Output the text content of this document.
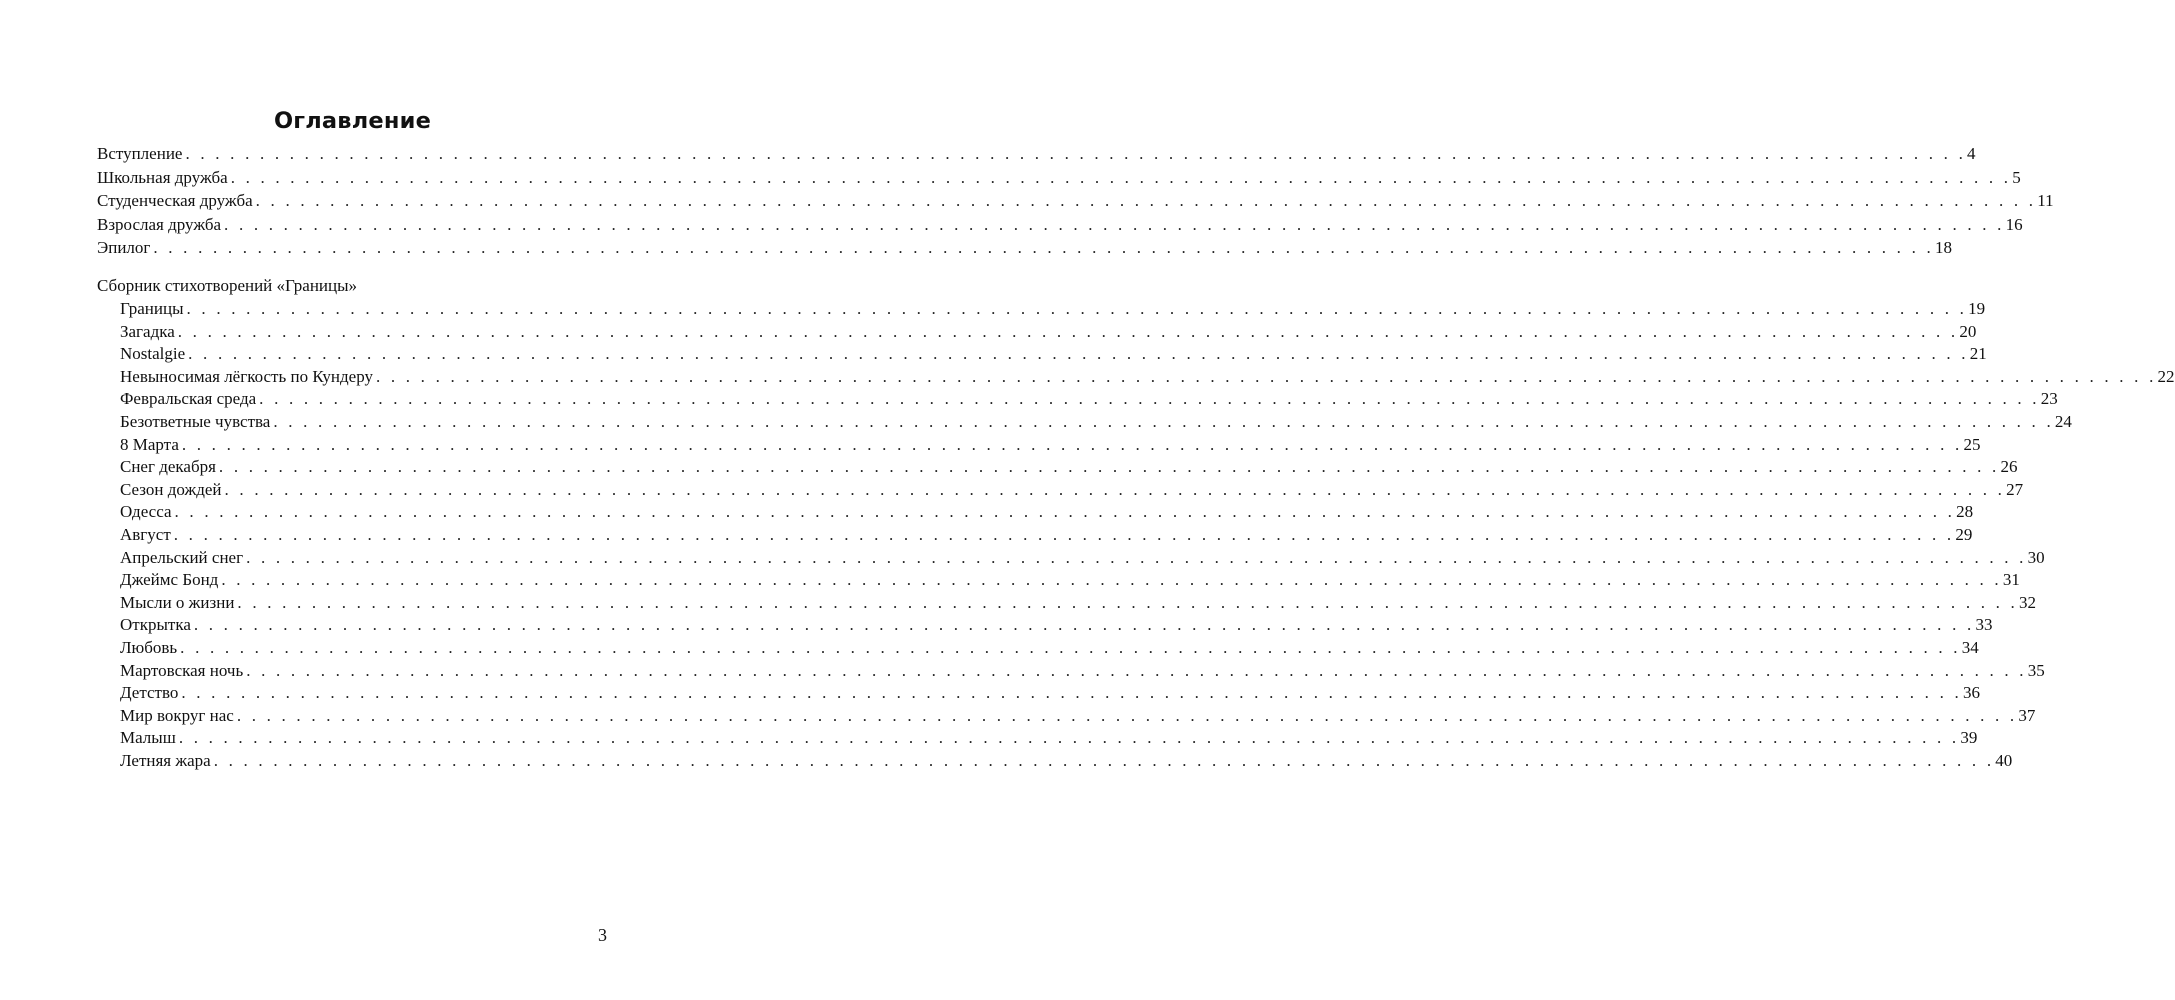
Оглавление
Вступление . . . . . . . . . . . . . . . . . . . . . . . . . . . . . . . . . . . . . . . . . . . . . . . . . . . . . . . . . . . . . . . . . . . . . . . . . . . . . . . . . . . . . . . . . . . . . . . . . . . . . . . . . . . . . . . . . . . . . . . . 4
Школьная дружба . . . . . . . . . . . . . . . . . . . . . . . . . . . . . . . . . . . . . . . . . . . . . . . . . . . . . . . . . . . . . . . . . . . . . . . . . . . . . . . . . . . . . . . . . . . . . . . . . . . . . . . . . . . . . . . . . . . . . . . . 5
Студенческая дружба . . . . . . . . . . . . . . . . . . . . . . . . . . . . . . . . . . . . . . . . . . . . . . . . . . . . . . . . . . . . . . . . . . . . . . . . . . . . . . . . . . . . . . . . . . . . . . . . . . . . . . . . . . . . . . . . . . . . . . . . 11
Взрослая дружба . . . . . . . . . . . . . . . . . . . . . . . . . . . . . . . . . . . . . . . . . . . . . . . . . . . . . . . . . . . . . . . . . . . . . . . . . . . . . . . . . . . . . . . . . . . . . . . . . . . . . . . . . . . . . . . . . . . . . . . . 16
Эпилог . . . . . . . . . . . . . . . . . . . . . . . . . . . . . . . . . . . . . . . . . . . . . . . . . . . . . . . . . . . . . . . . . . . . . . . . . . . . . . . . . . . . . . . . . . . . . . . . . . . . . . . . . . . . . . . . . . . . . . . . 18
Границы . . . . . . . . . . . . . . . . . . . . . . . . . . . . . . . . . . . . . . . . . . . . . . . . . . . . . . . . . . . . . . . . . . . . . . . . . . . . . . . . . . . . . . . . . . . . . . . . . . . . . . . . . . . . . . . . . . . . . . . . 19
Загадка . . . . . . . . . . . . . . . . . . . . . . . . . . . . . . . . . . . . . . . . . . . . . . . . . . . . . . . . . . . . . . . . . . . . . . . . . . . . . . . . . . . . . . . . . . . . . . . . . . . . . . . . . . . . . . . . . . . . . . . . 20
Nostalgie . . . . . . . . . . . . . . . . . . . . . . . . . . . . . . . . . . . . . . . . . . . . . . . . . . . . . . . . . . . . . . . . . . . . . . . . . . . . . . . . . . . . . . . . . . . . . . . . . . . . . . . . . . . . . . . . . . . . . . . . 21
Невыносимая лёгкость по Кундеру . . . . . . . . . . . . . . . . . . . . . . . . . . . . . . . . . . . . . . . . . . . . . . . . . . . . . . . . . . . . . . . . . . . . . . . . . . . . . . . . . . . . . . . . . . . . . . . . . . . . . . . . . . . . . . . . . . . . . . . . 22
Февральская среда . . . . . . . . . . . . . . . . . . . . . . . . . . . . . . . . . . . . . . . . . . . . . . . . . . . . . . . . . . . . . . . . . . . . . . . . . . . . . . . . . . . . . . . . . . . . . . . . . . . . . . . . . . . . . . . . . . . . . . . . 23
Безответные чувства . . . . . . . . . . . . . . . . . . . . . . . . . . . . . . . . . . . . . . . . . . . . . . . . . . . . . . . . . . . . . . . . . . . . . . . . . . . . . . . . . . . . . . . . . . . . . . . . . . . . . . . . . . . . . . . . . . . . . . . . 24
8 Марта . . . . . . . . . . . . . . . . . . . . . . . . . . . . . . . . . . . . . . . . . . . . . . . . . . . . . . . . . . . . . . . . . . . . . . . . . . . . . . . . . . . . . . . . . . . . . . . . . . . . . . . . . . . . . . . . . . . . . . . . 25
Снег декабря . . . . . . . . . . . . . . . . . . . . . . . . . . . . . . . . . . . . . . . . . . . . . . . . . . . . . . . . . . . . . . . . . . . . . . . . . . . . . . . . . . . . . . . . . . . . . . . . . . . . . . . . . . . . . . . . . . . . . . . . 26
Сезон дождей . . . . . . . . . . . . . . . . . . . . . . . . . . . . . . . . . . . . . . . . . . . . . . . . . . . . . . . . . . . . . . . . . . . . . . . . . . . . . . . . . . . . . . . . . . . . . . . . . . . . . . . . . . . . . . . . . . . . . . . . 27
Одесса . . . . . . . . . . . . . . . . . . . . . . . . . . . . . . . . . . . . . . . . . . . . . . . . . . . . . . . . . . . . . . . . . . . . . . . . . . . . . . . . . . . . . . . . . . . . . . . . . . . . . . . . . . . . . . . . . . . . . . . . 28
Август . . . . . . . . . . . . . . . . . . . . . . . . . . . . . . . . . . . . . . . . . . . . . . . . . . . . . . . . . . . . . . . . . . . . . . . . . . . . . . . . . . . . . . . . . . . . . . . . . . . . . . . . . . . . . . . . . . . . . . . . 29
Апрельский снег . . . . . . . . . . . . . . . . . . . . . . . . . . . . . . . . . . . . . . . . . . . . . . . . . . . . . . . . . . . . . . . . . . . . . . . . . . . . . . . . . . . . . . . . . . . . . . . . . . . . . . . . . . . . . . . . . . . . . . . . 30
Джеймс Бонд . . . . . . . . . . . . . . . . . . . . . . . . . . . . . . . . . . . . . . . . . . . . . . . . . . . . . . . . . . . . . . . . . . . . . . . . . . . . . . . . . . . . . . . . . . . . . . . . . . . . . . . . . . . . . . . . . . . . . . . . 31
Мысли о жизни . . . . . . . . . . . . . . . . . . . . . . . . . . . . . . . . . . . . . . . . . . . . . . . . . . . . . . . . . . . . . . . . . . . . . . . . . . . . . . . . . . . . . . . . . . . . . . . . . . . . . . . . . . . . . . . . . . . . . . . . 32
Открытка . . . . . . . . . . . . . . . . . . . . . . . . . . . . . . . . . . . . . . . . . . . . . . . . . . . . . . . . . . . . . . . . . . . . . . . . . . . . . . . . . . . . . . . . . . . . . . . . . . . . . . . . . . . . . . . . . . . . . . . . 33
Любовь . . . . . . . . . . . . . . . . . . . . . . . . . . . . . . . . . . . . . . . . . . . . . . . . . . . . . . . . . . . . . . . . . . . . . . . . . . . . . . . . . . . . . . . . . . . . . . . . . . . . . . . . . . . . . . . . . . . . . . . . 34
Мартовская ночь . . . . . . . . . . . . . . . . . . . . . . . . . . . . . . . . . . . . . . . . . . . . . . . . . . . . . . . . . . . . . . . . . . . . . . . . . . . . . . . . . . . . . . . . . . . . . . . . . . . . . . . . . . . . . . . . . . . . . . . . 35
Детство . . . . . . . . . . . . . . . . . . . . . . . . . . . . . . . . . . . . . . . . . . . . . . . . . . . . . . . . . . . . . . . . . . . . . . . . . . . . . . . . . . . . . . . . . . . . . . . . . . . . . . . . . . . . . . . . . . . . . . . . 36
Мир вокруг нас . . . . . . . . . . . . . . . . . . . . . . . . . . . . . . . . . . . . . . . . . . . . . . . . . . . . . . . . . . . . . . . . . . . . . . . . . . . . . . . . . . . . . . . . . . . . . . . . . . . . . . . . . . . . . . . . . . . . . . . . 37
Малыш . . . . . . . . . . . . . . . . . . . . . . . . . . . . . . . . . . . . . . . . . . . . . . . . . . . . . . . . . . . . . . . . . . . . . . . . . . . . . . . . . . . . . . . . . . . . . . . . . . . . . . . . . . . . . . . . . . . . . . . . 39
Летняя жара . . . . . . . . . . . . . . . . . . . . . . . . . . . . . . . . . . . . . . . . . . . . . . . . . . . . . . . . . . . . . . . . . . . . . . . . . . . . . . . . . . . . . . . . . . . . . . . . . . . . . . . . . . . . . . . . . . . . . . . . 40
Сборник стихотворений «Границы»
3
